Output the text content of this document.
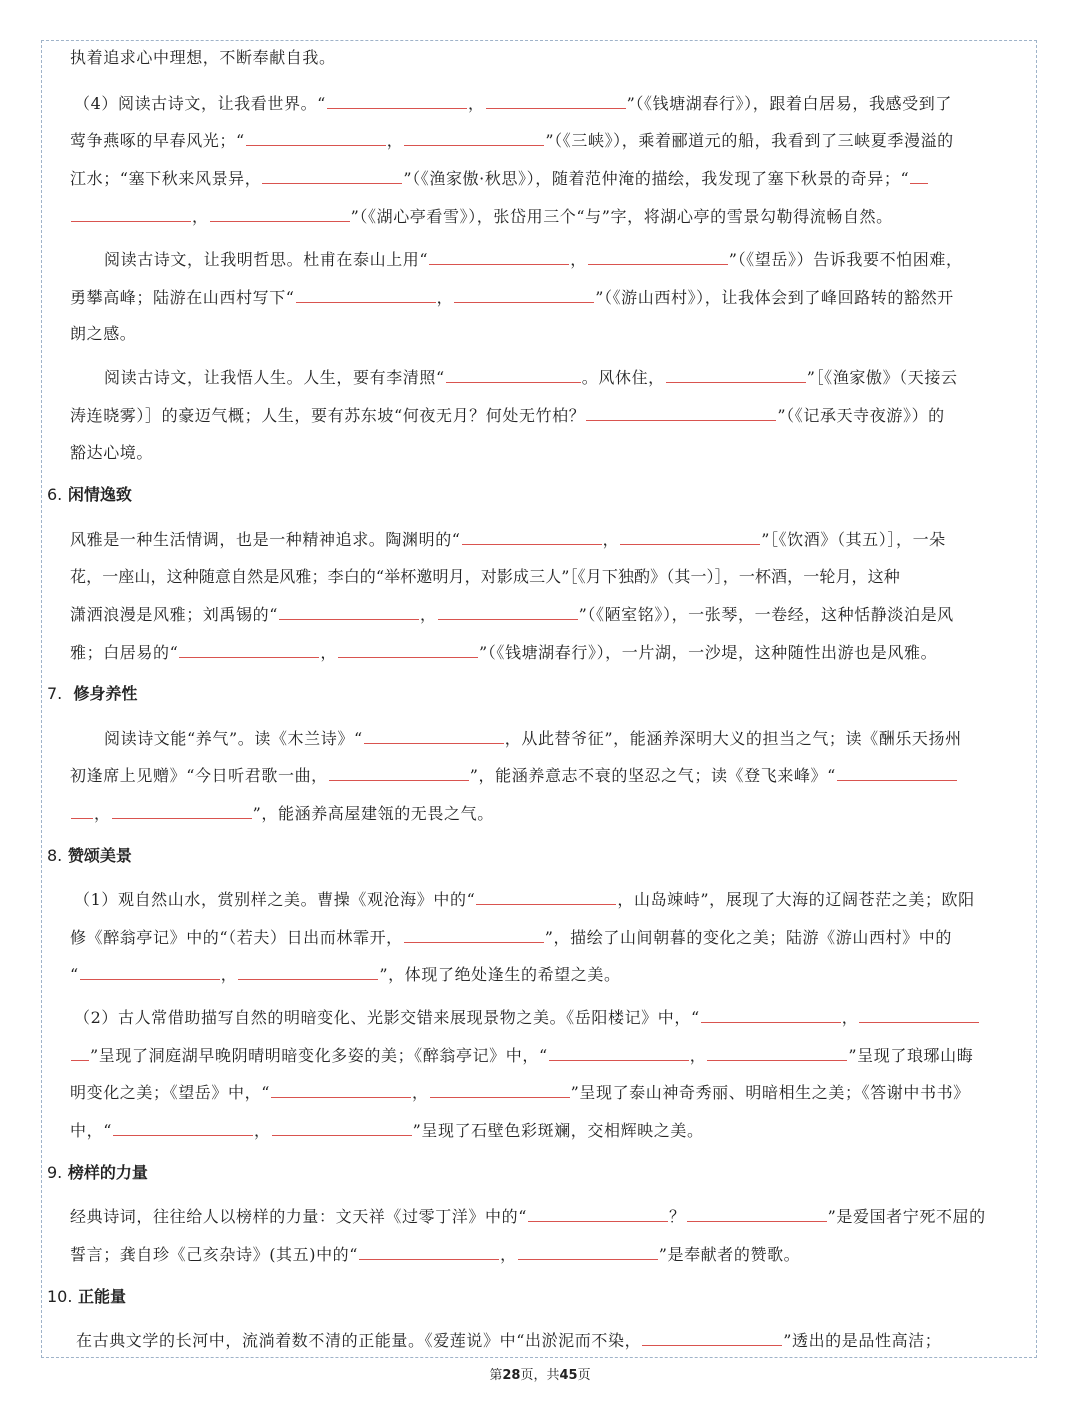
执着追求心中理想，不断奉献自我。
（4）阅读古诗文，让我看世界。“	，	”（《钱塘湖春行》），跟着白居易，我感受到了
莺争燕啄的早春风光；“	，	”（《三峡》），乘着郦道元的船，我看到了三峡夏季漫溢的
江水；“塞下秋来风景异，	”（《渔家傲·秋思》），随着范仲淹的描绘，我发现了塞下秋景的奇异；“
，	”（《湖心亭看雪》），张岱用三个“与”字，将湖心亭的雪景勾勒得流畅自然。
阅读古诗文，让我明哲思。杜甫在泰山上用“	，	”（《望岳》）告诉我要不怕困难，
勇攀高峰；陆游在山西村写下“	，	”（《游山西村》），让我体会到了峰回路转的豁然开
朗之感。
阅读古诗文，让我悟人生。人生，要有李清照“	。风休住，	”［《渔家傲》（天接云
涛连晓雾）］的豪迈气概；人生，要有苏东坡“何夜无月？何处无竹柏？	”（《记承天寺夜游》）的
豁达心境。
6. 闲情逸致
风雅是一种生活情调，也是一种精神追求。陶渊明的“	，	”［《饮酒》（其五）］，一朵
花，一座山，这种随意自然是风雅；李白的“举杯邀明月，对影成三人”［《月下独酌》（其一）］，一杯酒，一轮月，这种
潇洒浪漫是风雅；刘禹锡的“	，	”（《陋室铭》），一张琴，一卷经，这种恬静淡泊是风
雅；白居易的“	，	”（《钱塘湖春行》），一片湖，一沙堤，这种随性出游也是风雅。
7. 修身养性
阅读诗文能“养气”。读《木兰诗》“	，从此替爷征”，能涵养深明大义的担当之气；读《酬乐天扬州
初逢席上见赠》“今日听君歌一曲，	”，能涵养意志不衰的坚忍之气；读《登飞来峰》“
，	”，能涵养高屋建瓴的无畏之气。
8. 赞颂美景
（1）观自然山水，赏别样之美。曹操《观沧海》中的“	，山岛竦峙”，展现了大海的辽阔苍茫之美；欧阳
修《醉翁亭记》中的“（若夫）日出而林霏开，	”，描绘了山间朝暮的变化之美；陆游《游山西村》中的
“	，	”，体现了绝处逢生的希望之美。
（2）古人常借助描写自然的明暗变化、光影交错来展现景物之美。《岳阳楼记》中，“	，
”呈现了洞庭湖早晚阴晴明暗变化多姿的美；《醉翁亭记》中，“	，	”呈现了琅琊山晦
明变化之美；《望岳》中，“	，	”呈现了泰山神奇秀丽、明暗相生之美；《答谢中书书》
中，“	，	”呈现了石壁色彩斑斓，交相辉映之美。
9. 榜样的力量
经典诗词，往往给人以榜样的力量：文天祥《过零丁洋》中的“	？	”是爱国者宁死不屈的
誓言；龚自珍《己亥杂诗》(其五)中的“	，	”是奉献者的赞歌。
10. 正能量
在古典文学的长河中，流淌着数不清的正能量。《爱莲说》中“出淤泥而不染，	”透出的是品性高洁；
第28页，共45页
